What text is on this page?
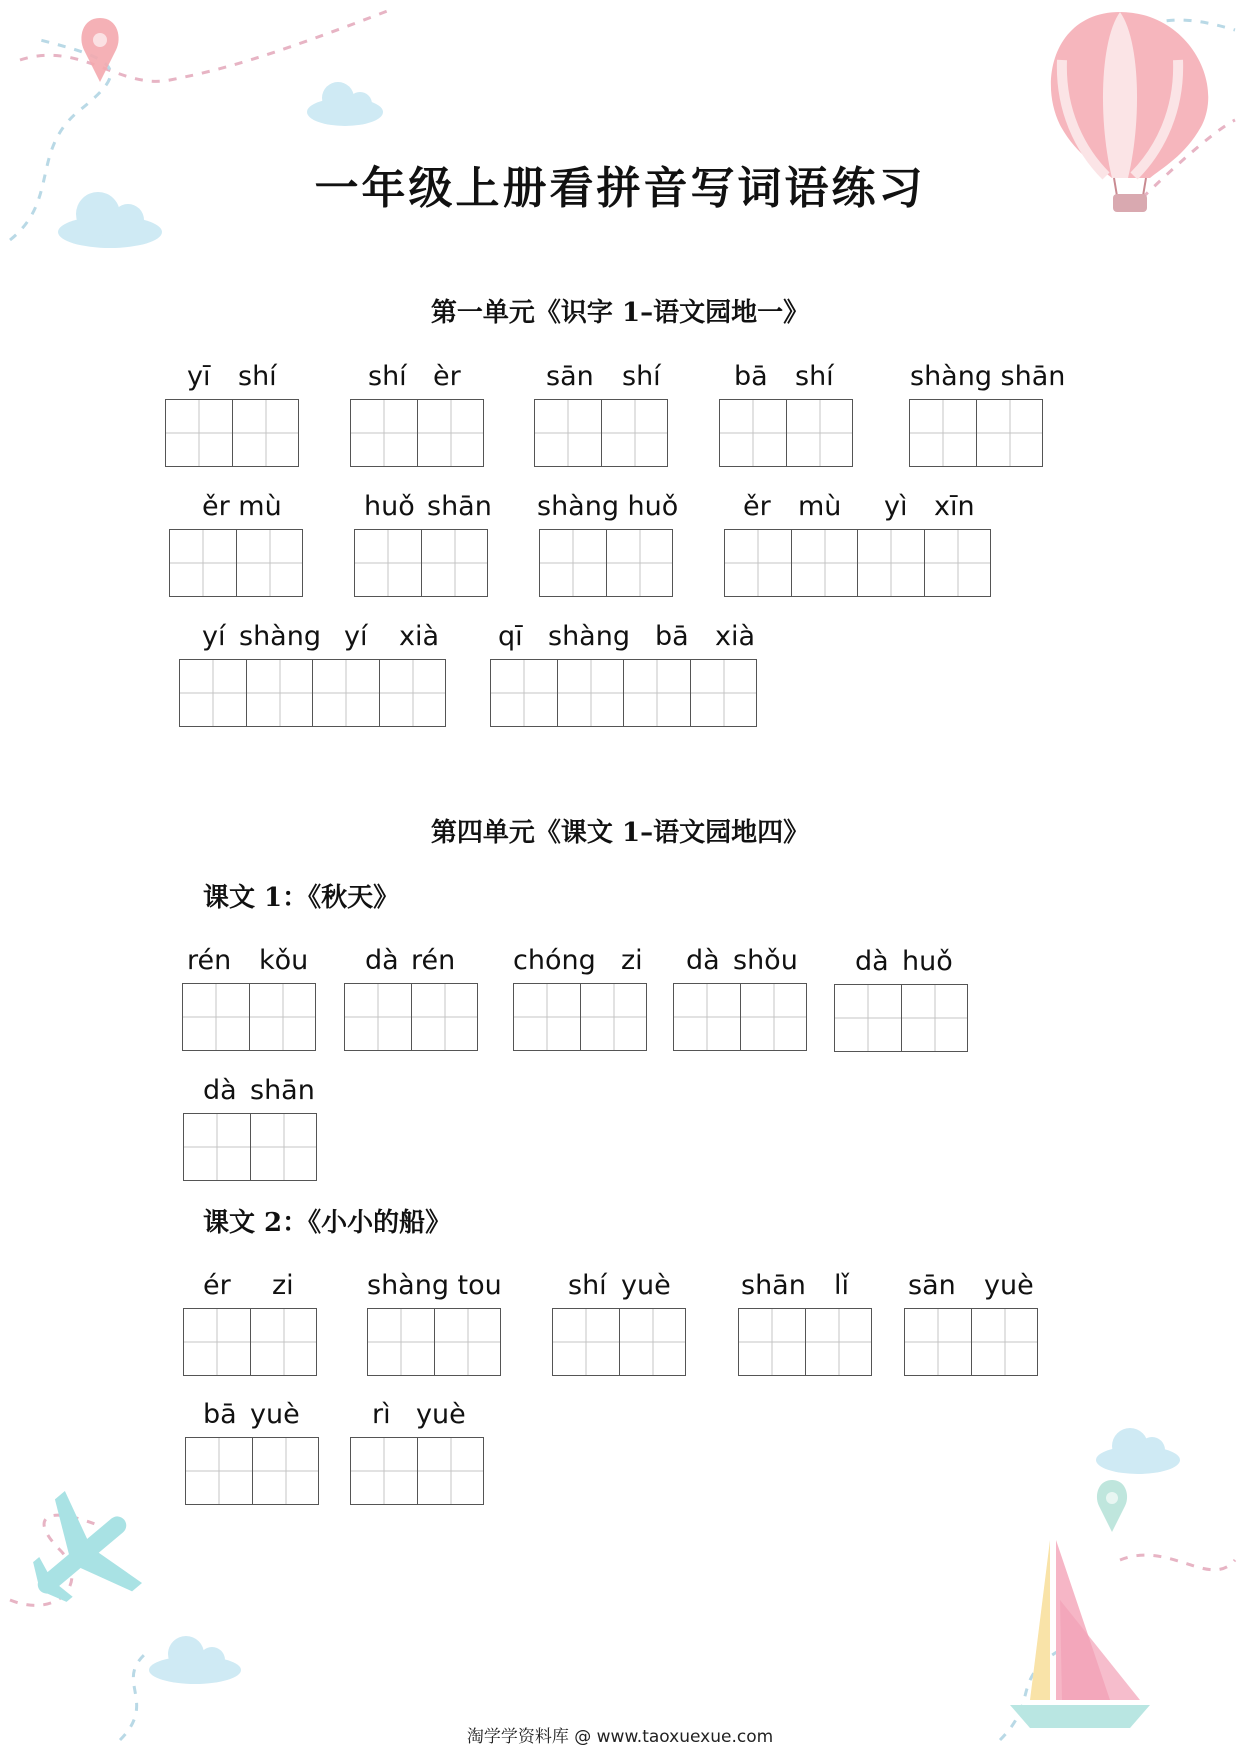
一年级上册看拼音写词语练习
第一单元《识字 1–语文园地一》
yī shí	shí èr	sān shí	bā shí	shàng shān
ěr mù	huǒ shān shàng huǒ ěr mù yì xīn
yí shàng yí xià qī shàng bā xià
第四单元《课文 1–语文园地四》
课文 1：《秋天》
rén kǒu dà rén chóng zi dà shǒu dà huǒ
dà shān
课文 2：《小小的船》
ér zi	shàng tou shí yuè	shān lǐ sān yuè
bā yuè	rì yuè
淘学学资料库 @ www.taoxuexue.com
